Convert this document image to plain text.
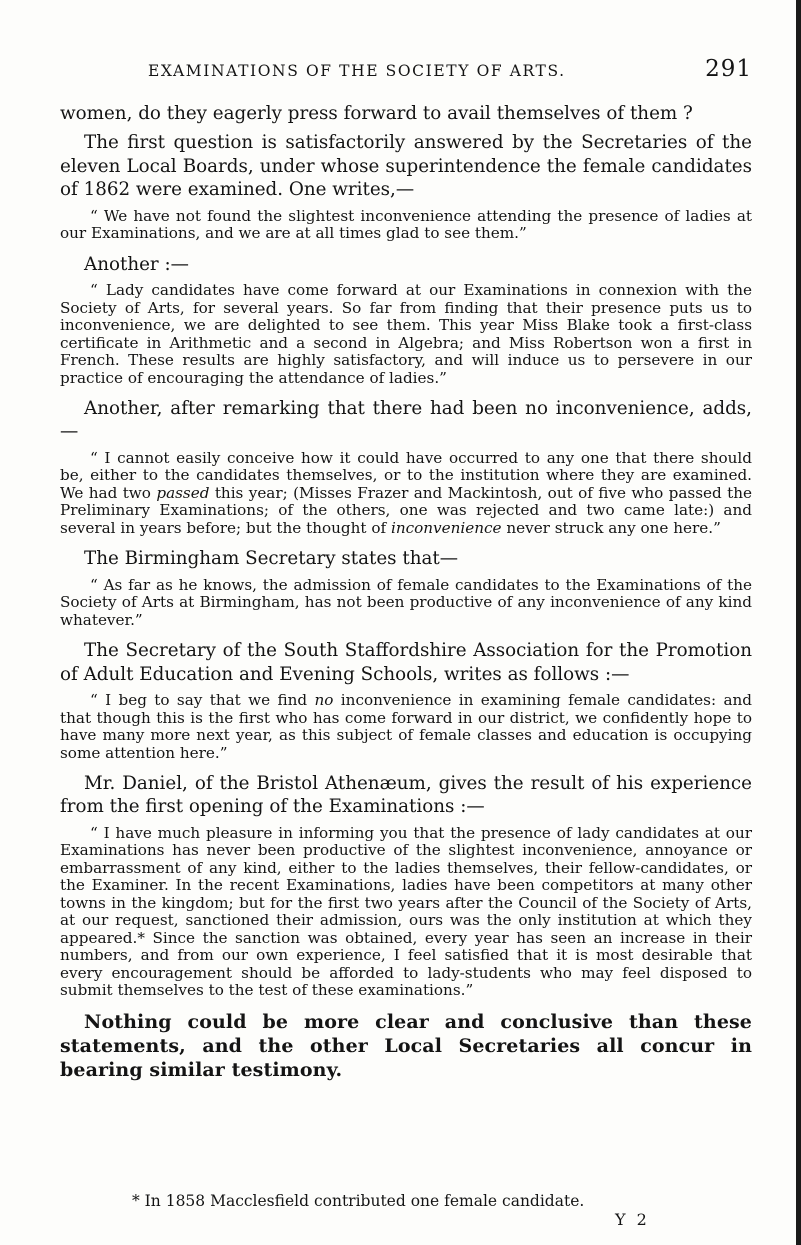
EXAMINATIONS OF THE SOCIETY OF ARTS.	291

women, do they eagerly press forward to avail themselves of them ?

The first question is satisfactorily answered by the Secretaries of the eleven Local Boards, under whose superintendence the female candidates of 1862 were examined. One writes,—

“ We have not found the slightest inconvenience attending the presence of ladies at our Examinations, and we are at all times glad to see them.”

Another :—

“ Lady candidates have come forward at our Examinations in connexion with the Society of Arts, for several years. So far from finding that their presence puts us to inconvenience, we are delighted to see them. This year Miss Blake took a first-class certificate in Arithmetic and a second in Algebra; and Miss Robertson won a first in French. These results are highly satisfactory, and will induce us to persevere in our practice of encouraging the attendance of ladies.”

Another, after remarking that there had been no inconvenience, adds,—

“ I cannot easily conceive how it could have occurred to any one that there should be, either to the candidates themselves, or to the institution where they are examined. We had two passed this year; (Misses Frazer and Mackintosh, out of five who passed the Preliminary Examinations; of the others, one was rejected and two came late:) and several in years before; but the thought of inconvenience never struck any one here.”

The Birmingham Secretary states that—

“ As far as he knows, the admission of female candidates to the Examinations of the Society of Arts at Birmingham, has not been productive of any inconvenience of any kind whatever.”

The Secretary of the South Staffordshire Association for the Promotion of Adult Education and Evening Schools, writes as follows :—

“ I beg to say that we find no inconvenience in examining female candidates: and that though this is the first who has come forward in our district, we confidently hope to have many more next year, as this subject of female classes and education is occupying some attention here.”

Mr. Daniel, of the Bristol Athenæum, gives the result of his experience from the first opening of the Examinations :—

“ I have much pleasure in informing you that the presence of lady candidates at our Examinations has never been productive of the slightest inconvenience, annoyance or embarrassment of any kind, either to the ladies themselves, their fellow-candidates, or the Examiner. In the recent Examinations, ladies have been competitors at many other towns in the kingdom; but for the first two years after the Council of the Society of Arts, at our request, sanctioned their admission, ours was the only institution at which they appeared.* Since the sanction was obtained, every year has seen an increase in their numbers, and from our own experience, I feel satisfied that it is most desirable that every encouragement should be afforded to lady-students who may feel disposed to submit themselves to the test of these examinations.”

Nothing could be more clear and conclusive than these statements, and the other Local Secretaries all concur in bearing similar testimony.

* In 1858 Macclesfield contributed one female candidate.
Y 2
